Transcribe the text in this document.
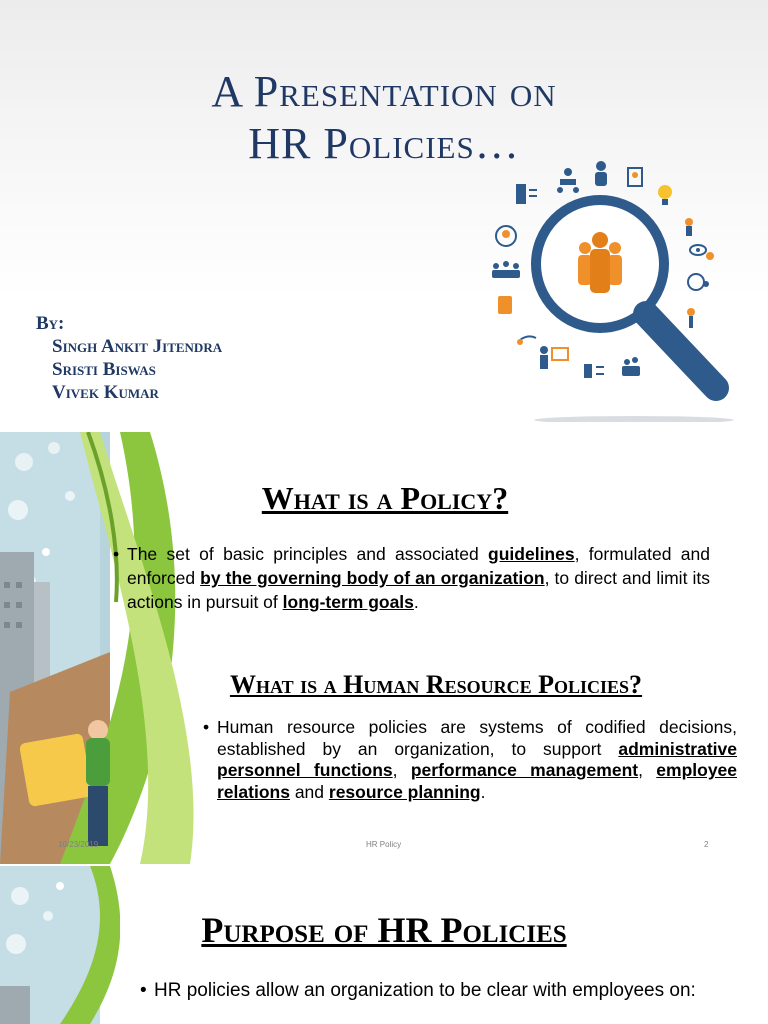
A Presentation on
HR Policies…
By:
Singh Ankit Jitendra
Sristi Biswas
Vivek Kumar
What is a Policy?

• The set of basic principles and associated guidelines, formulated and enforced by the governing body of an organization, to direct and limit its actions in pursuit of long-term goals.

What is a Human Resource Policies?

• Human resource policies are systems of codified decisions, established by an organization, to support administrative personnel functions, performance management, employee relations and resource planning.

10/23/2019	HR Policy	2
Purpose of HR Policies

• HR policies allow an organization to be clear with employees on:
